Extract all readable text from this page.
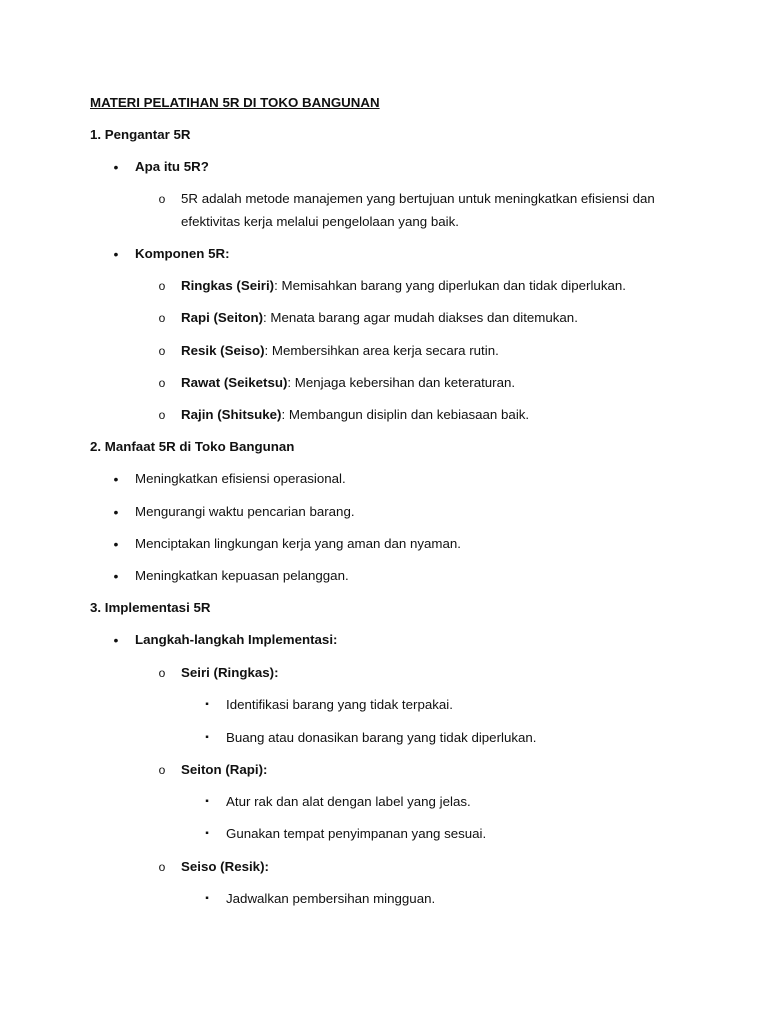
MATERI PELATIHAN 5R DI TOKO BANGUNAN
1. Pengantar 5R
• Apa itu 5R?
o 5R adalah metode manajemen yang bertujuan untuk meningkatkan efisiensi dan
efektivitas kerja melalui pengelolaan yang baik.
• Komponen 5R:
o Ringkas (Seiri): Memisahkan barang yang diperlukan dan tidak diperlukan.
o Rapi (Seiton): Menata barang agar mudah diakses dan ditemukan.
o Resik (Seiso): Membersihkan area kerja secara rutin.
o Rawat (Seiketsu): Menjaga kebersihan dan keteraturan.
o Rajin (Shitsuke): Membangun disiplin dan kebiasaan baik.
2. Manfaat 5R di Toko Bangunan
• Meningkatkan efisiensi operasional.
• Mengurangi waktu pencarian barang.
• Menciptakan lingkungan kerja yang aman dan nyaman.
• Meningkatkan kepuasan pelanggan.
3. Implementasi 5R
• Langkah-langkah Implementasi:
o Seiri (Ringkas):
▪	Identifikasi barang yang tidak terpakai.
▪	Buang atau donasikan barang yang tidak diperlukan.
o Seiton (Rapi):
▪	Atur rak dan alat dengan label yang jelas.
▪	Gunakan tempat penyimpanan yang sesuai.
o Seiso (Resik):
▪	Jadwalkan pembersihan mingguan.
